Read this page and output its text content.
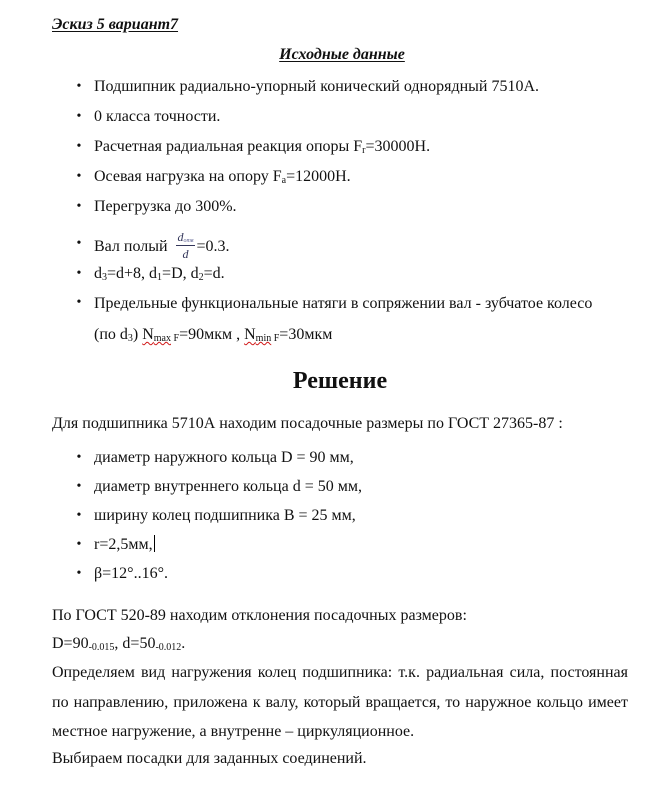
Эскиз 5 вариант7
Исходные данные
• Подшипник радиально-упорный конический однорядный 7510А.
• 0 класса точности.
• Расчетная радиальная реакция опоры $F_r=30000Н$.
• Осевая нагрузка на опору $F_a=12000Н$.
• Перегрузка до 300%.
• Вал полый $\frac{d_{отв}}{d} =0.3$.
• $d_3=d+8$, $d_1=D$, $d_2=d$.
• Предельные функциональные натяги в сопряжении вал - зубчатое колесо
(по $d_3$) $N_{max}$ $_F$=90мкм , $N_{min}$ $_F$=30мкм
Решение
Для подшипника 5710А находим посадочные размеры по ГОСТ 27365-87 :
• диаметр наружного кольца D = 90 мм,
• диаметр внутреннего кольца d = 50 мм,
• ширину колец подшипника B = 25 мм,
• r=2,5мм,
• β=12°..16°.
По ГОСТ 520-89 находим отклонения посадочных размеров:
$D=90_{-0.015}$, $d=50_{-0.012}$.
Определяем вид нагружения колец подшипника: т.к. радиальная сила, постоянная по направлению, приложена к валу, который вращается, то наружное кольцо имеет местное нагружение, а внутренне – циркуляционное.
Выбираем посадки для заданных соединений.
